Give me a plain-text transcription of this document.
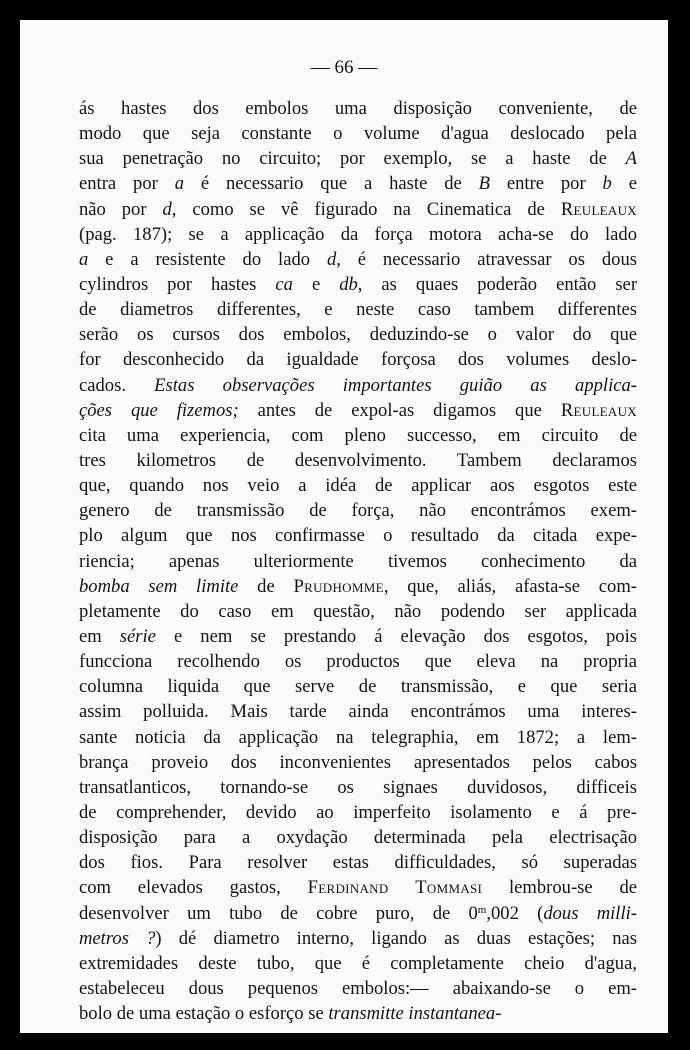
— 66 —
ás hastes dos embolos uma disposição conveniente, de
modo que seja constante o volume d'agua deslocado pela
sua penetração no circuito; por exemplo, se a haste de A
entra por a é necessario que a haste de B entre por b e
não por d, como se vê figurado na Cinematica de Reuleaux
(pag. 187); se a applicação da força motora acha-se do lado
a e a resistente do lado d, é necessario atravessar os dous
cylindros por hastes ca e db, as quaes poderão então ser
de diametros differentes, e neste caso tambem differentes
serão os cursos dos embolos, deduzindo-se o valor do que
for desconhecido da igualdade forçosa dos volumes deslo-
cados. Estas observações importantes guião as applica-
ções que fizemos; antes de expol-as digamos que Reuleaux
cita uma experiencia, com pleno successo, em circuito de
tres kilometros de desenvolvimento. Tambem declaramos
que, quando nos veio a idéa de applicar aos esgotos este
genero de transmissão de força, não encontrámos exem-
plo algum que nos confirmasse o resultado da citada expe-
riencia; apenas ulteriormente tivemos conhecimento da
bomba sem limite de Prudhomme, que, aliás, afasta-se com-
pletamente do caso em questão, não podendo ser applicada
em série e nem se prestando á elevação dos esgotos, pois
funcciona recolhendo os productos que eleva na propria
columna liquida que serve de transmissão, e que seria
assim polluida. Mais tarde ainda encontrámos uma interes-
sante noticia da applicação na telegraphia, em 1872; a lem-
brança proveio dos inconvenientes apresentados pelos cabos
transatlanticos, tornando-se os signaes duvidosos, difficeis
de comprehender, devido ao imperfeito isolamento e á pre-
disposição para a oxydação determinada pela electrisação
dos fios. Para resolver estas difficuldades, só superadas
com elevados gastos, Ferdinand Tommasi lembrou-se de
desenvolver um tubo de cobre puro, de 0$^m$,002 (dous milli-
metros ?) dé diametro interno, ligando as duas estações; nas
extremidades deste tubo, que é completamente cheio d'agua,
estabeleceu dous pequenos embolos:— abaixando-se o em-
bolo de uma estação o esforço se transmitte instantanea-
